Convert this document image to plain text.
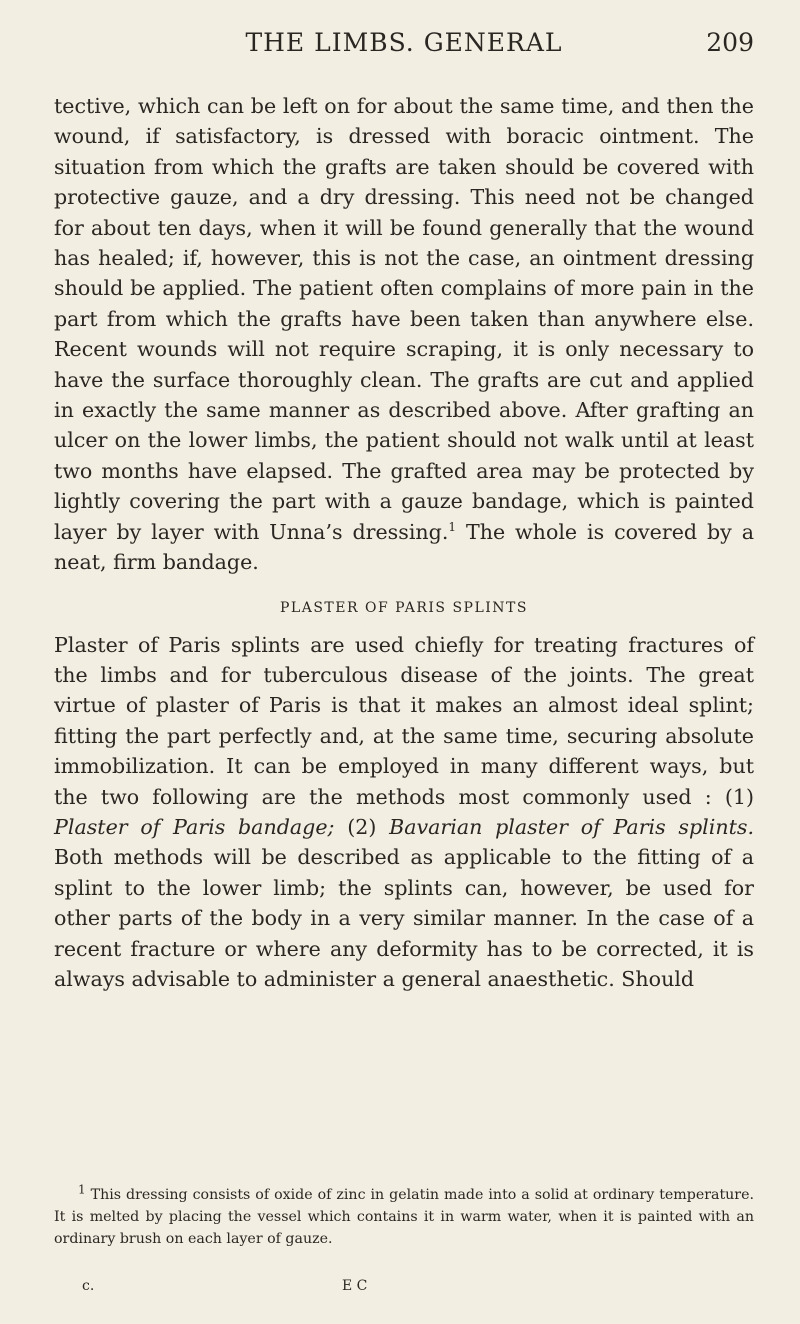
THE LIMBS. GENERAL	209

tective, which can be left on for about the same time, and then the wound, if satisfactory, is dressed with boracic ointment. The situation from which the grafts are taken should be covered with protective gauze, and a dry dressing. This need not be changed for about ten days, when it will be found generally that the wound has healed; if, however, this is not the case, an ointment dressing should be applied. The patient often complains of more pain in the part from which the grafts have been taken than anywhere else. Recent wounds will not require scraping, it is only necessary to have the surface thoroughly clean. The grafts are cut and applied in exactly the same manner as described above. After grafting an ulcer on the lower limbs, the patient should not walk until at least two months have elapsed. The grafted area may be protected by lightly covering the part with a gauze bandage, which is painted layer by layer with Unna’s dressing.$^1$ The whole is covered by a neat, firm bandage.

PLASTER OF PARIS SPLINTS

Plaster of Paris splints are used chiefly for treating fractures of the limbs and for tuberculous disease of the joints. The great virtue of plaster of Paris is that it makes an almost ideal splint; fitting the part perfectly and, at the same time, securing absolute immobilization. It can be employed in many different ways, but the two following are the methods most commonly used : (1) Plaster of Paris bandage; (2) Bavarian plaster of Paris splints. Both methods will be described as applicable to the fitting of a splint to the lower limb; the splints can, however, be used for other parts of the body in a very similar manner. In the case of a recent fracture or where any deformity has to be corrected, it is always advisable to administer a general anaesthetic. Should

$^1$ This dressing consists of oxide of zinc in gelatin made into a solid at ordinary temperature. It is melted by placing the vessel which contains it in warm water, when it is painted with an ordinary brush on each layer of gauze.

c.	E C
